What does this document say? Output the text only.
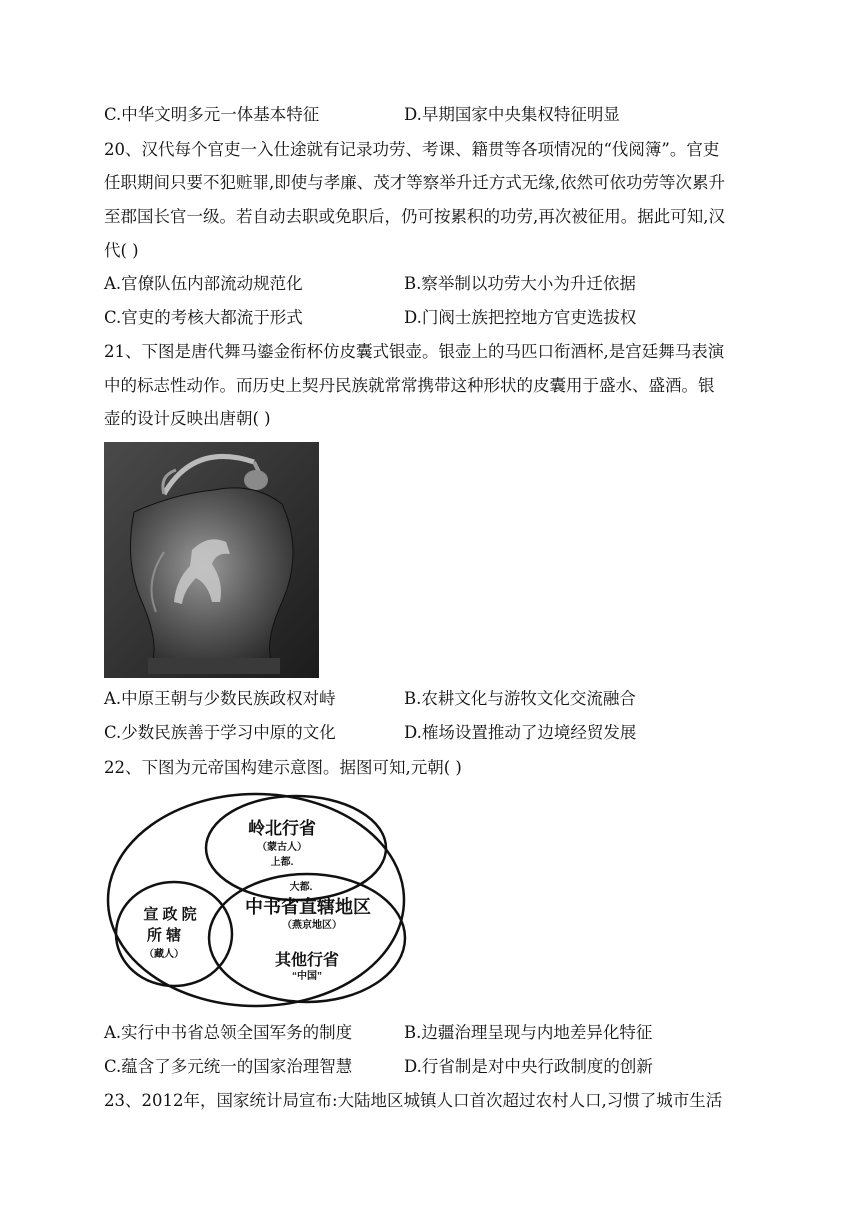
C.中华文明多元一体基本特征	D.早期国家中央集权特征明显
20、汉代每个官吏一入仕途就有记录功劳、考课、籍贯等各项情况的“伐阅簿”。官吏
任职期间只要不犯赃罪,即使与孝廉、茂才等察举升迁方式无缘,依然可依功劳等次累升
至郡国长官一级。若自动去职或免职后，仍可按累积的功劳,再次被征用。据此可知,汉
代( )
A.官僚队伍内部流动规范化	B.察举制以功劳大小为升迁依据
C.官吏的考核大都流于形式	D.门阀士族把控地方官吏选拔权
21、下图是唐代舞马鎏金衔杯仿皮囊式银壶。银壶上的马匹口衔酒杯,是宫廷舞马表演
中的标志性动作。而历史上契丹民族就常常携带这种形状的皮囊用于盛水、盛酒。银
壶的设计反映出唐朝( )
A.中原王朝与少数民族政权对峙	B.农耕文化与游牧文化交流融合
C.少数民族善于学习中原的文化	D.榷场设置推动了边境经贸发展
22、下图为元帝国构建示意图。据图可知,元朝( )
岭北行省
（蒙古人）
上都.
大都.
中书省直辖地区
（燕京地区）
其他行省
“中国”
宣 政 院
所 辖
（藏人）
A.实行中书省总领全国军务的制度	B.边疆治理呈现与内地差异化特征
C.蕴含了多元统一的国家治理智慧	D.行省制是对中央行政制度的创新
23、2012年，国家统计局宣布:大陆地区城镇人口首次超过农村人口,习惯了城市生活
